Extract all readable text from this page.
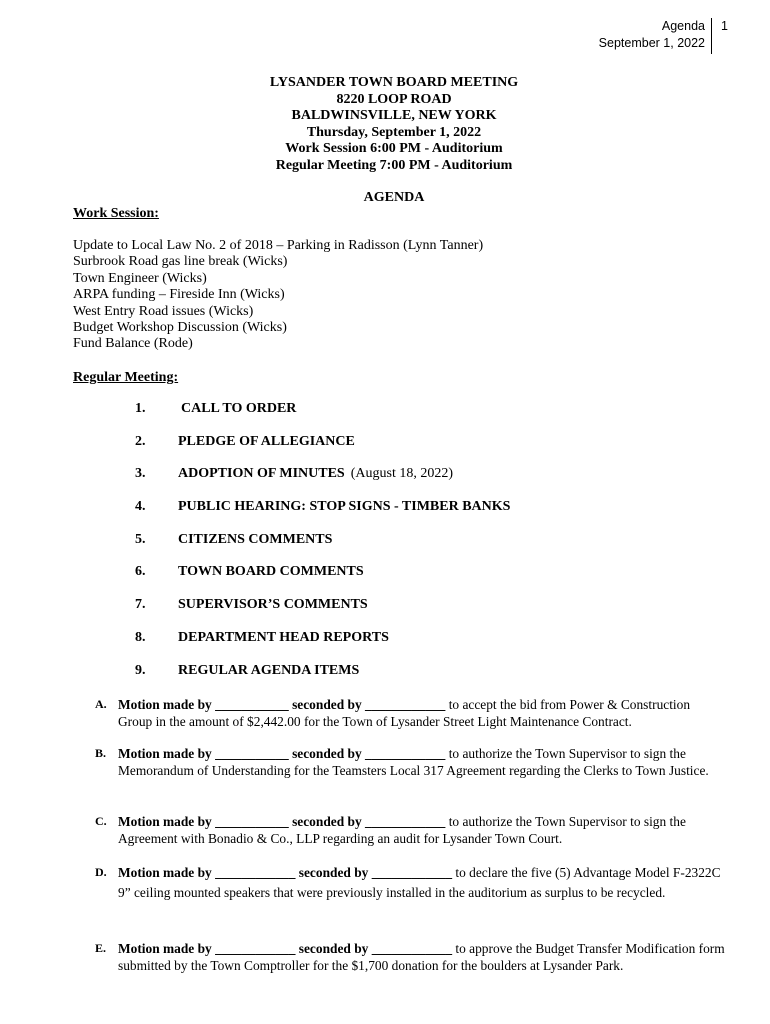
Agenda
September 1, 2022
1
LYSANDER TOWN BOARD MEETING
8220 LOOP ROAD
BALDWINSVILLE, NEW YORK
Thursday, September 1, 2022
Work Session 6:00 PM - Auditorium
Regular Meeting 7:00 PM - Auditorium
AGENDA
Work Session:
Update to Local Law No. 2 of 2018 – Parking in Radisson (Lynn Tanner)
Surbrook Road gas line break (Wicks)
Town Engineer (Wicks)
ARPA funding – Fireside Inn (Wicks)
West Entry Road issues (Wicks)
Budget Workshop Discussion (Wicks)
Fund Balance (Rode)
Regular Meeting:
1.	CALL TO ORDER
2.	PLEDGE OF ALLEGIANCE
3.	ADOPTION OF MINUTES (August 18, 2022)
4.	PUBLIC HEARING: STOP SIGNS - TIMBER BANKS
5.	CITIZENS COMMENTS
6.	TOWN BOARD COMMENTS
7.	SUPERVISOR’S COMMENTS
8.	DEPARTMENT HEAD REPORTS
9.	REGULAR AGENDA ITEMS
A. Motion made by ___________ seconded by ____________ to accept the bid from Power & Construction Group in the amount of $2,442.00 for the Town of Lysander Street Light Maintenance Contract.
B. Motion made by ___________ seconded by ____________ to authorize the Town Supervisor to sign the Memorandum of Understanding for the Teamsters Local 317 Agreement regarding the Clerks to Town Justice.
C. Motion made by ___________ seconded by ____________ to authorize the Town Supervisor to sign the Agreement with Bonadio & Co., LLP regarding an audit for Lysander Town Court.
D. Motion made by ____________ seconded by ____________ to declare the five (5) Advantage Model F-2322C 9” ceiling mounted speakers that were previously installed in the auditorium as surplus to be recycled.
E. Motion made by ____________ seconded by ____________ to approve the Budget Transfer Modification form submitted by the Town Comptroller for the $1,700 donation for the boulders at Lysander Park.
